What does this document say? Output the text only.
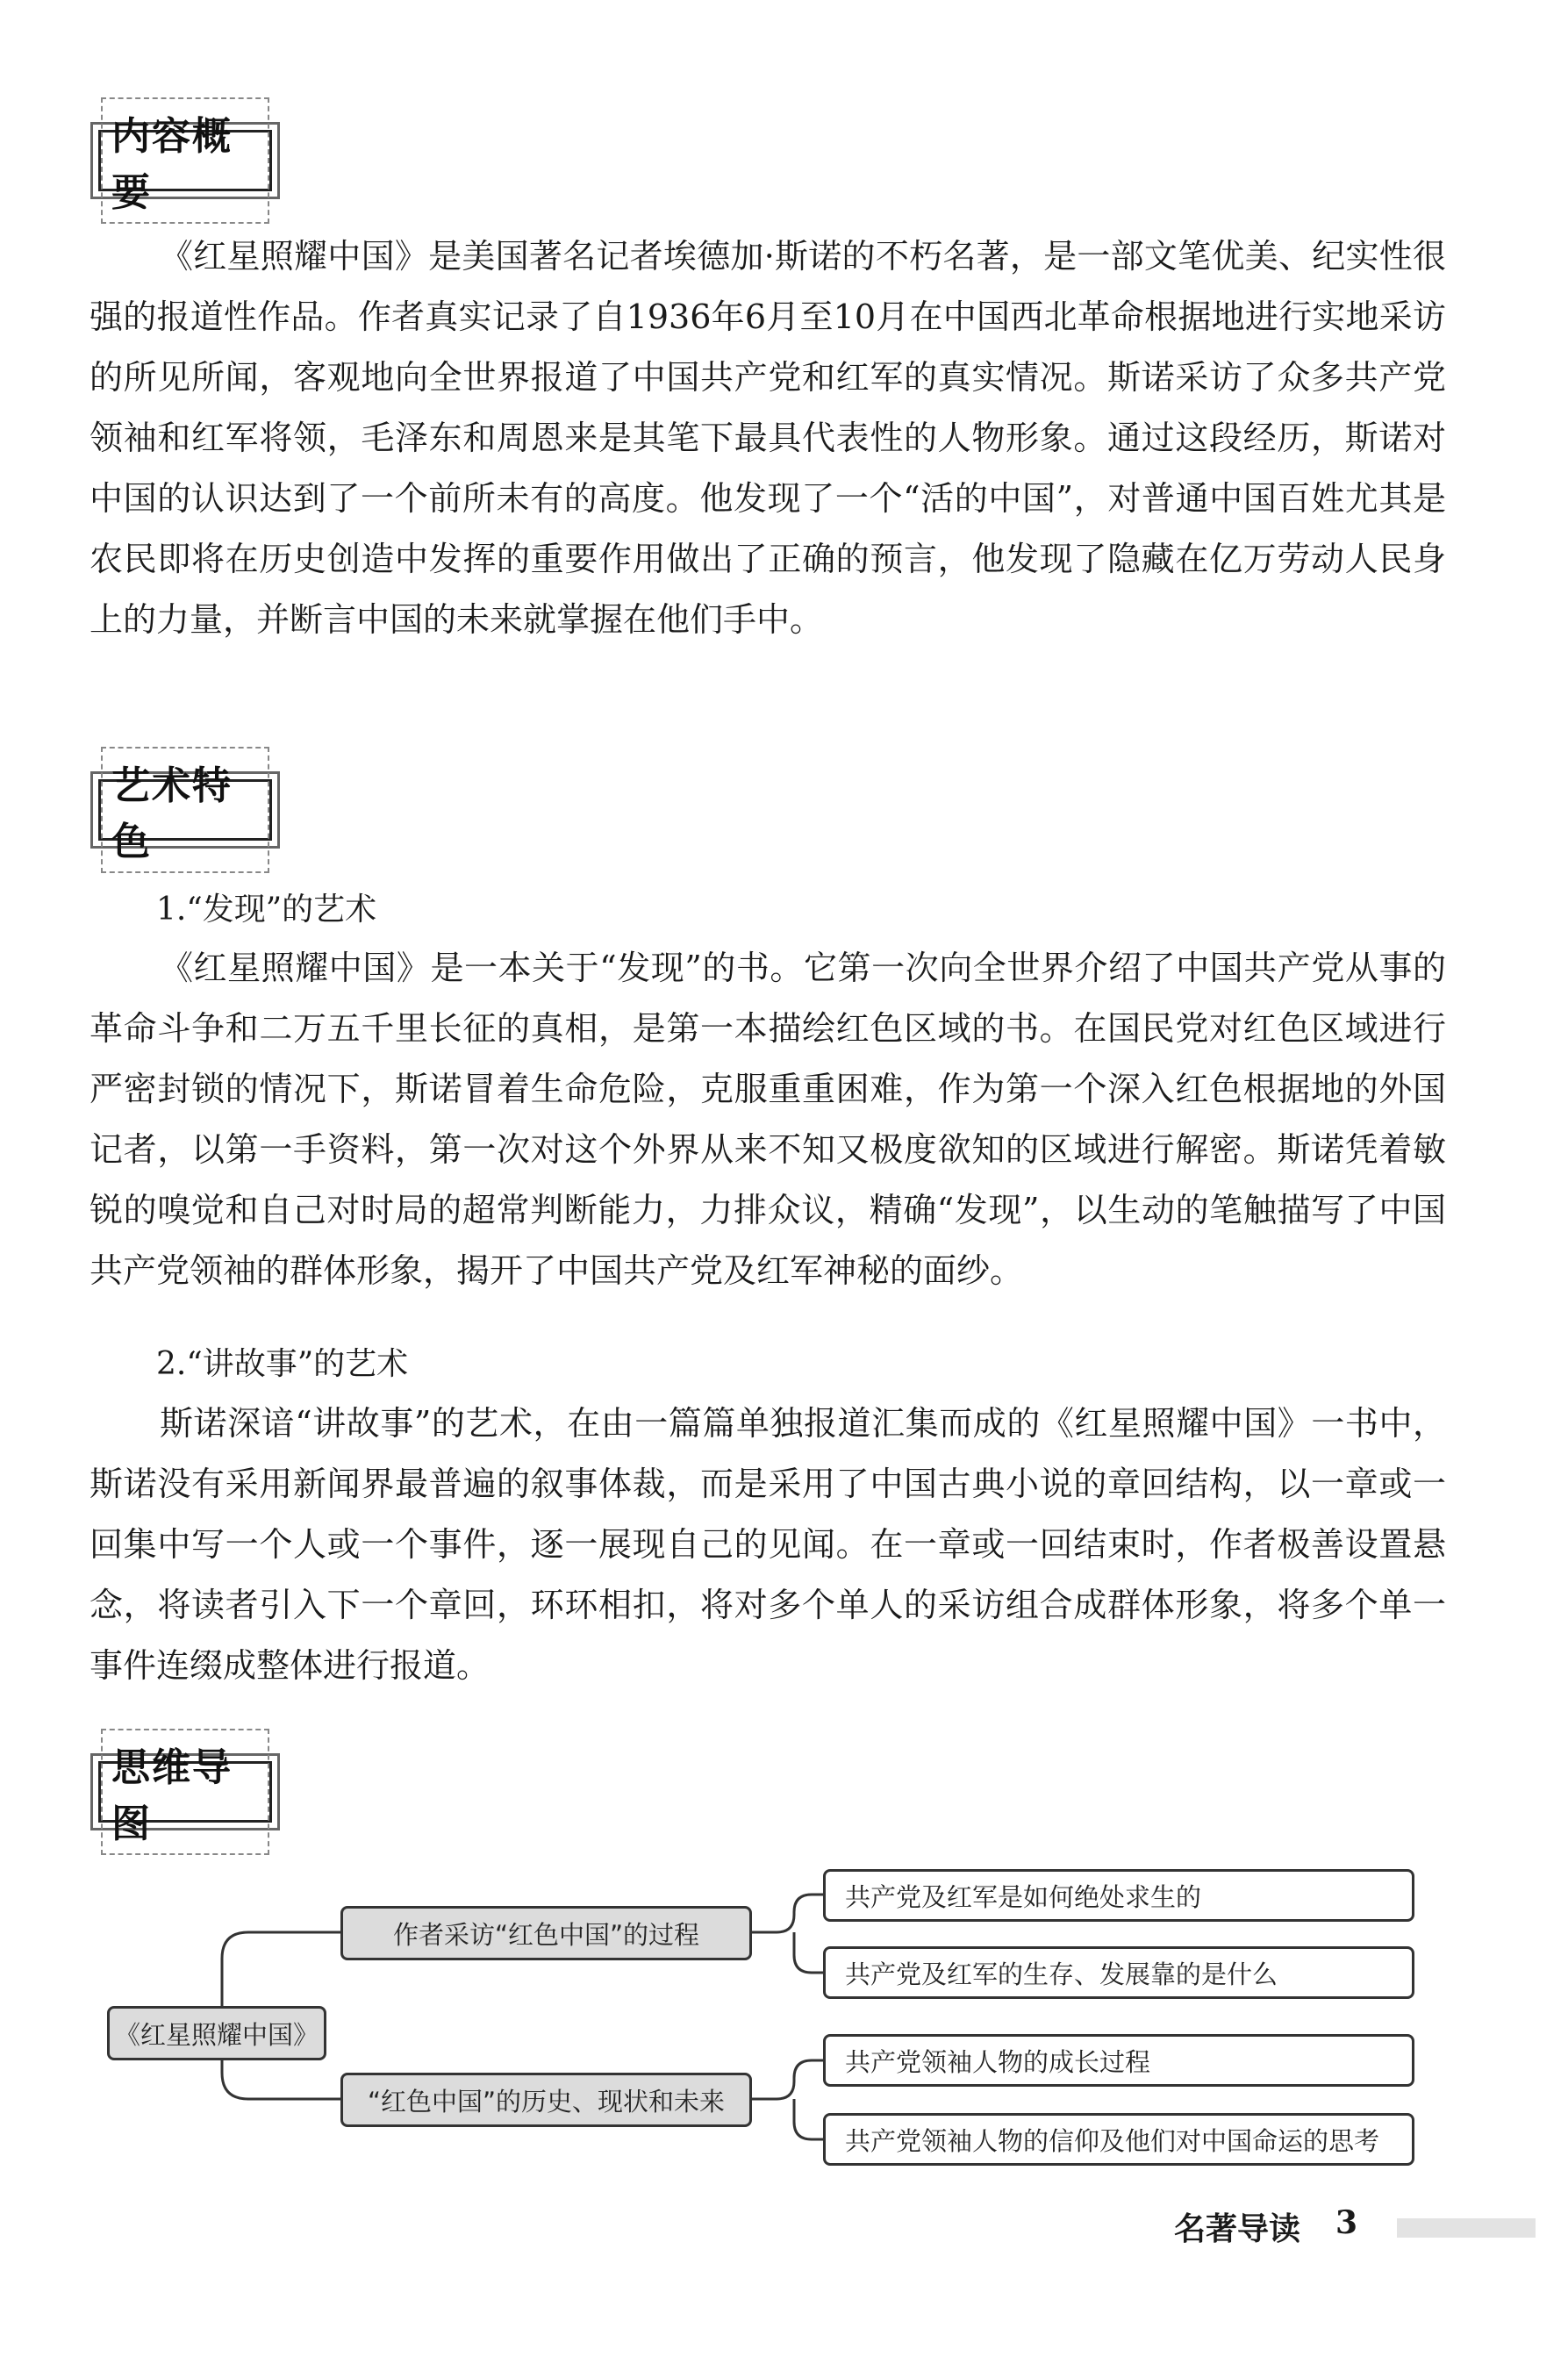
内容概要

《红星照耀中国》是美国著名记者埃德加·斯诺的不朽名著，是一部文笔优美、纪实性很强的报道性作品。作者真实记录了自1936年6月至10月在中国西北革命根据地进行实地采访的所见所闻，客观地向全世界报道了中国共产党和红军的真实情况。斯诺采访了众多共产党领袖和红军将领，毛泽东和周恩来是其笔下最具代表性的人物形象。通过这段经历，斯诺对中国的认识达到了一个前所未有的高度。他发现了一个“活的中国”，对普通中国百姓尤其是农民即将在历史创造中发挥的重要作用做出了正确的预言，他发现了隐藏在亿万劳动人民身上的力量，并断言中国的未来就掌握在他们手中。

艺术特色

1.“发现”的艺术

《红星照耀中国》是一本关于“发现”的书。它第一次向全世界介绍了中国共产党从事的革命斗争和二万五千里长征的真相，是第一本描绘红色区域的书。在国民党对红色区域进行严密封锁的情况下，斯诺冒着生命危险，克服重重困难，作为第一个深入红色根据地的外国记者，以第一手资料，第一次对这个外界从来不知又极度欲知的区域进行解密。斯诺凭着敏锐的嗅觉和自己对时局的超常判断能力，力排众议，精确“发现”，以生动的笔触描写了中国共产党领袖的群体形象，揭开了中国共产党及红军神秘的面纱。

2.“讲故事”的艺术

斯诺深谙“讲故事”的艺术，在由一篇篇单独报道汇集而成的《红星照耀中国》一书中，斯诺没有采用新闻界最普遍的叙事体裁，而是采用了中国古典小说的章回结构，以一章或一回集中写一个人或一个事件，逐一展现自己的见闻。在一章或一回结束时，作者极善设置悬念，将读者引入下一个章回，环环相扣，将对多个单人的采访组合成群体形象，将多个单一事件连缀成整体进行报道。

思维导图
《红星照耀中国》
作者采访“红色中国”的过程
“红色中国”的历史、现状和未来
共产党及红军是如何绝处求生的
共产党及红军的生存、发展靠的是什么
共产党领袖人物的成长过程
共产党领袖人物的信仰及他们对中国命运的思考
名著导读 3
